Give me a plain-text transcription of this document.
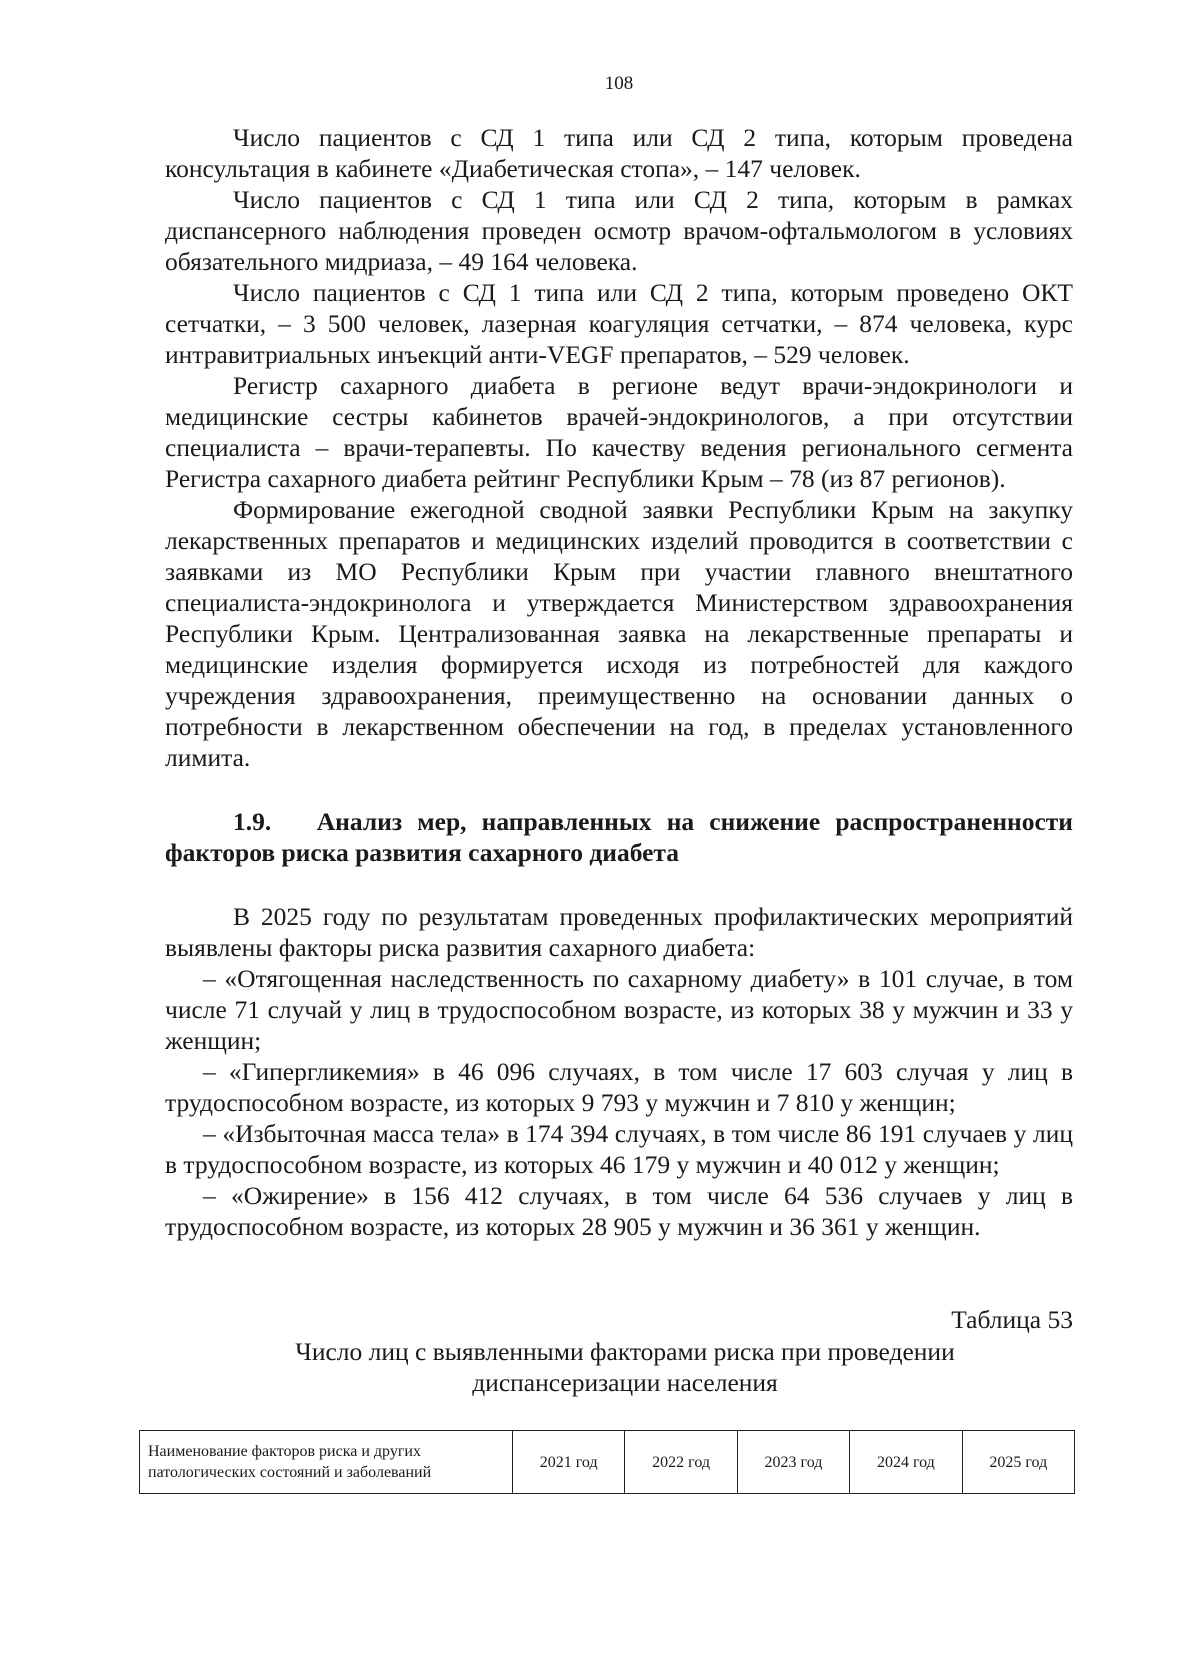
108

Число пациентов с СД 1 типа или СД 2 типа, которым проведена консультация в кабинете «Диабетическая стопа», – 147 человек.

Число пациентов с СД 1 типа или СД 2 типа, которым в рамках диспансерного наблюдения проведен осмотр врачом-офтальмологом в условиях обязательного мидриаза, – 49 164 человека.

Число пациентов с СД 1 типа или СД 2 типа, которым проведено ОКТ сетчатки, – 3 500 человек, лазерная коагуляция сетчатки, – 874 человека, курс интравитриальных инъекций анти-VEGF препаратов, – 529 человек.

Регистр сахарного диабета в регионе ведут врачи-эндокринологи и медицинские сестры кабинетов врачей-эндокринологов, а при отсутствии специалиста – врачи-терапевты. По качеству ведения регионального сегмента Регистра сахарного диабета рейтинг Республики Крым – 78 (из 87 регионов).

Формирование ежегодной сводной заявки Республики Крым на закупку лекарственных препаратов и медицинских изделий проводится в соответствии с заявками из МО Республики Крым при участии главного внештатного специалиста-эндокринолога и утверждается Министерством здравоохранения Республики Крым. Централизованная заявка на лекарственные препараты и медицинские изделия формируется исходя из потребностей для каждого учреждения здравоохранения, преимущественно на основании данных о потребности в лекарственном обеспечении на год, в пределах установленного лимита.

1.9. Анализ мер, направленных на снижение распространенности факторов риска развития сахарного диабета

В 2025 году по результатам проведенных профилактических мероприятий выявлены факторы риска развития сахарного диабета:

– «Отягощенная наследственность по сахарному диабету» в 101 случае, в том числе 71 случай у лиц в трудоспособном возрасте, из которых 38 у мужчин и 33 у женщин;

– «Гипергликемия» в 46 096 случаях, в том числе 17 603 случая у лиц в трудоспособном возрасте, из которых 9 793 у мужчин и 7 810 у женщин;

– «Избыточная масса тела» в 174 394 случаях, в том числе 86 191 случаев у лиц в трудоспособном возрасте, из которых 46 179 у мужчин и 40 012 у женщин;

– «Ожирение» в 156 412 случаях, в том числе 64 536 случаев у лиц в трудоспособном возрасте, из которых 28 905 у мужчин и 36 361 у женщин.

Таблица 53
Число лиц с выявленными факторами риска при проведении диспансеризации населения
Наименование факторов риска и других патологических состояний и заболеваний	2021 год	2022 год	2023 год	2024 год	2025 год
